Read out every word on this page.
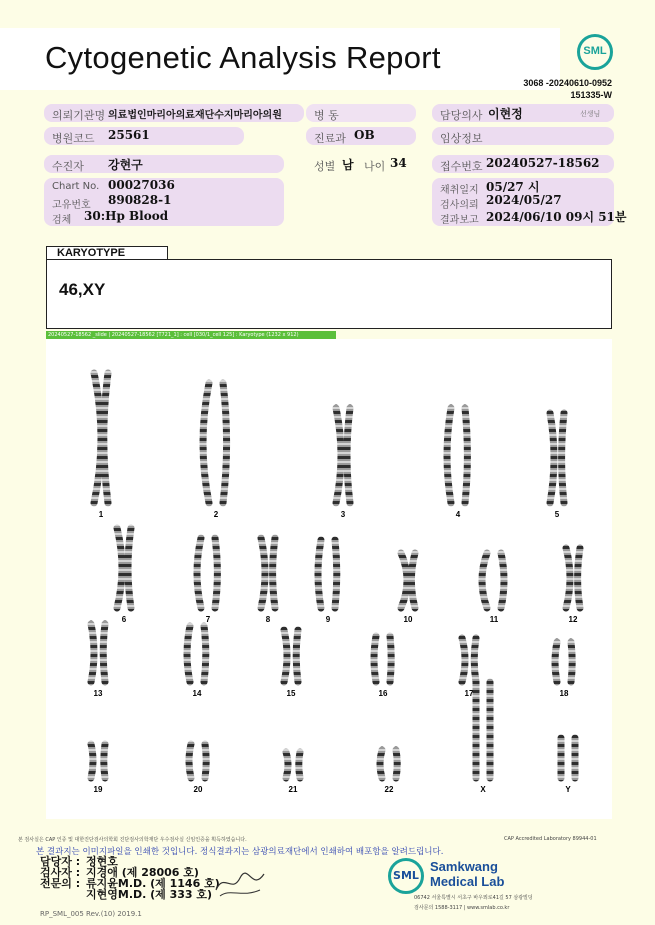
Cytogenetic Analysis Report	SML
3068 -20240610-0952
151335-W
의뢰기관명 의료법인마리아의료재단수지마리아의원	병 동	담당의사 이현정	선생님
병원코드	25561	진료과 OB	임상정보
수진자	강현구	성별 남 나이 34	접수번호 20240527-18562
Chart No. 00027036
고유번호 890828-1
검체 30:Hp Blood
채취일지 05/27 시
검사의뢰 2024/05/27
결과보고 2024/06/10 09시 51분
KARYOTYPE
46,XY
20240527-18562 _slide | 20240527-18562 [T721_1] : cell [030/1_cell 125] : Karyotype (1232 x 912)
1	2	3	4	5
6	7	8	9	10	11	12
13	14	15	16	17	18
19	20	21	22	X	Y
본 검사실은 CAP 인증 및 대한진단검사의학회 진단검사의학재단 우수검사실 신임인증을 획득하였습니다.	CAP Accredited Laboratory 89944-01
본 결과지는 이미지파일을 인쇄한 것입니다. 정식결과지는 삼광의료재단에서 인쇄하여 배포함을 알려드립니다.
담당자 : 정현호
검사자 : 지경애 (제 28006 호)
전문의 : 류지윤M.D. (제 1146 호)
지현영M.D. (제 333 호)
SML
Samkwang
Medical Lab
06742 서울특별시 서초구 바우뫼로41길 57 삼광빌딩
검사문의 1588-3117 | www.smlab.co.kr
RP_SML_005 Rev.(10) 2019.1
